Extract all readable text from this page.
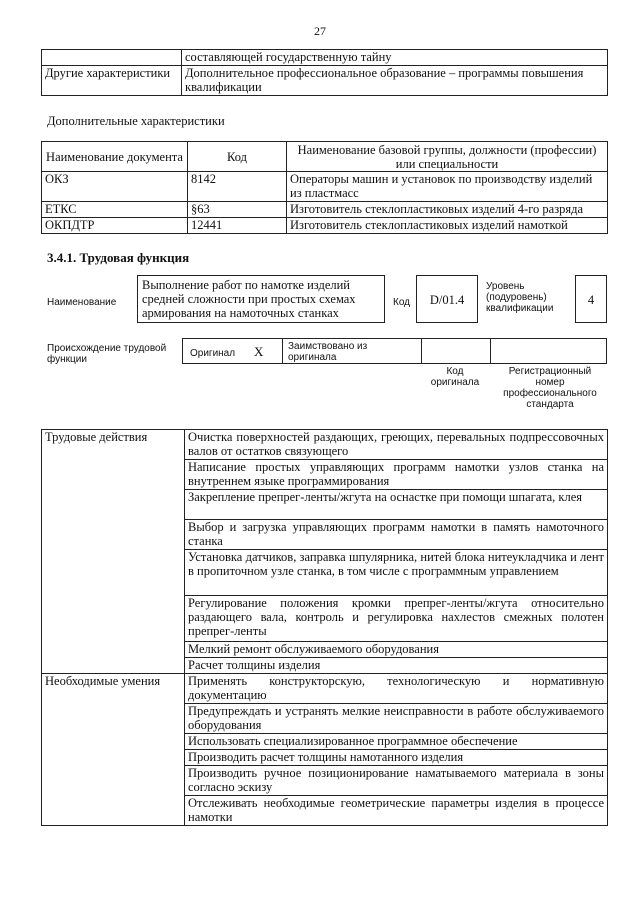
27
	составляющей государственную тайну
Другие характеристики	Дополнительное профессиональное образование – программы повышения квалификации
Дополнительные характеристики
Наименование документа	Код	Наименование базовой группы, должности (профессии) или специальности
ОКЗ	8142	Операторы машин и установок по производству изделий из пластмасс
ЕТКС	§63	Изготовитель стеклопластиковых изделий 4-го разряда
ОКПДТР	12441	Изготовитель стеклопластиковых изделий намоткой
3.4.1. Трудовая функция
Наименование
Выполнение работ по намотке изделий средней сложности при простых схемах армирования на намоточных станках
Код	D/01.4
Уровень (подуровень) квалификации
4
Происхождение трудовой функции
Оригинал X Заимствовано из оригинала
Код оригинала
Регистрационный номер профессионального стандарта
Трудовые действия	Очистка поверхностей раздающих, греющих, перевальных подпрессовочных валов от остатков связующего
	Написание простых управляющих программ намотки узлов станка на внутреннем языке программирования
	Закрепление препрег-ленты/жгута на оснастке при помощи шпагата, клея
	Выбор и загрузка управляющих программ намотки в память намоточного станка
	Установка датчиков, заправка шпулярника, нитей блока нитеукладчика и лент в пропиточном узле станка, в том числе с программным управлением
	Регулирование положения кромки препрег-ленты/жгута относительно раздающего вала, контроль и регулировка нахлестов смежных полотен препрег-ленты
	Мелкий ремонт обслуживаемого оборудования
	Расчет толщины изделия
Необходимые умения	Применять конструкторскую, технологическую и нормативную документацию
	Предупреждать и устранять мелкие неисправности в работе обслуживаемого оборудования
	Использовать специализированное программное обеспечение
	Производить расчет толщины намотанного изделия
	Производить ручное позиционирование наматываемого материала в зоны согласно эскизу
	Отслеживать необходимые геометрические параметры изделия в процессе намотки
